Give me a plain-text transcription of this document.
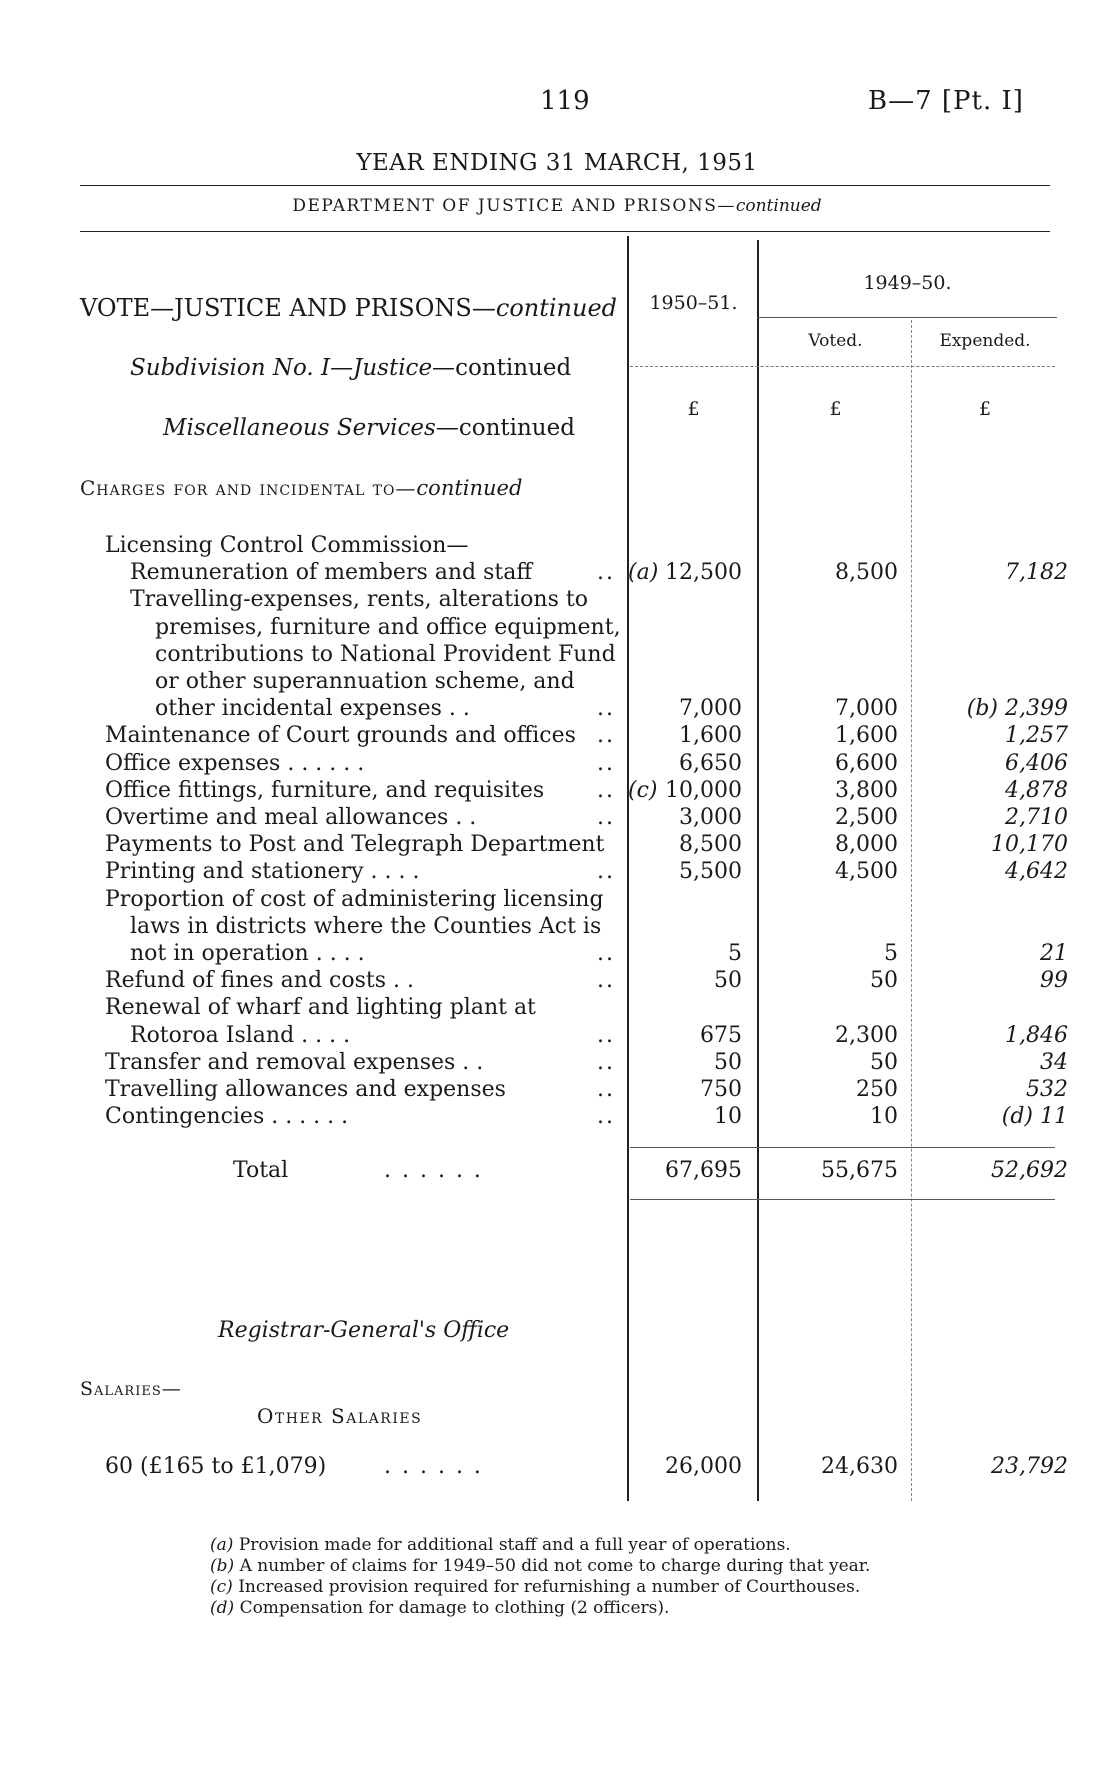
119	B—7 [Pt. I]
YEAR ENDING 31 MARCH, 1951
DEPARTMENT OF JUSTICE AND PRISONS—continued
1950–51.
1949–50.
Voted.	Expended.
£	£	£
VOTE—JUSTICE AND PRISONS—continued
Subdivision No. I—Justice—continued
Miscellaneous Services—continued
Charges for and incidental to—continued
Licensing Control Commission—
Remuneration of members and staff	.. (a) 12,500	8,500	7,182
Travelling-expenses, rents, alterations to
premises, furniture and office equipment,
contributions to National Provident Fund
or other superannuation scheme, and
other incidental expenses . .	..	7,000	7,000	(b) 2,399
Maintenance of Court grounds and offices ..	1,600	1,600	1,257
Office expenses . . . . . .	..	6,650	6,600	6,406
Office fittings, furniture, and requisites	.. (c) 10,000	3,800	4,878
Overtime and meal allowances . .	..	3,000	2,500	2,710
Payments to Post and Telegraph Department	8,500	8,000	10,170
Printing and stationery . . . .	..	5,500	4,500	4,642
Proportion of cost of administering licensing
laws in districts where the Counties Act is
not in operation . . . .	..	5	5	21
Refund of fines and costs . .	..	50	50	99
Renewal of wharf and lighting plant at
Rotoroa Island . . . .	..	675	2,300	1,846
Transfer and removal expenses . .	..	50	50	34
Travelling allowances and expenses	..	750	250	532
Contingencies . . . . . .	..	10	10	(d) 11
Total	. . . . . .	67,695	55,675	52,692
Registrar-General's Office
Salaries—
Other Salaries
60 (£165 to £1,079)	. . . . . .	26,000	24,630	23,792
(a) Provision made for additional staff and a full year of operations.
(b) A number of claims for 1949–50 did not come to charge during that year.
(c) Increased provision required for refurnishing a number of Courthouses.
(d) Compensation for damage to clothing (2 officers).
